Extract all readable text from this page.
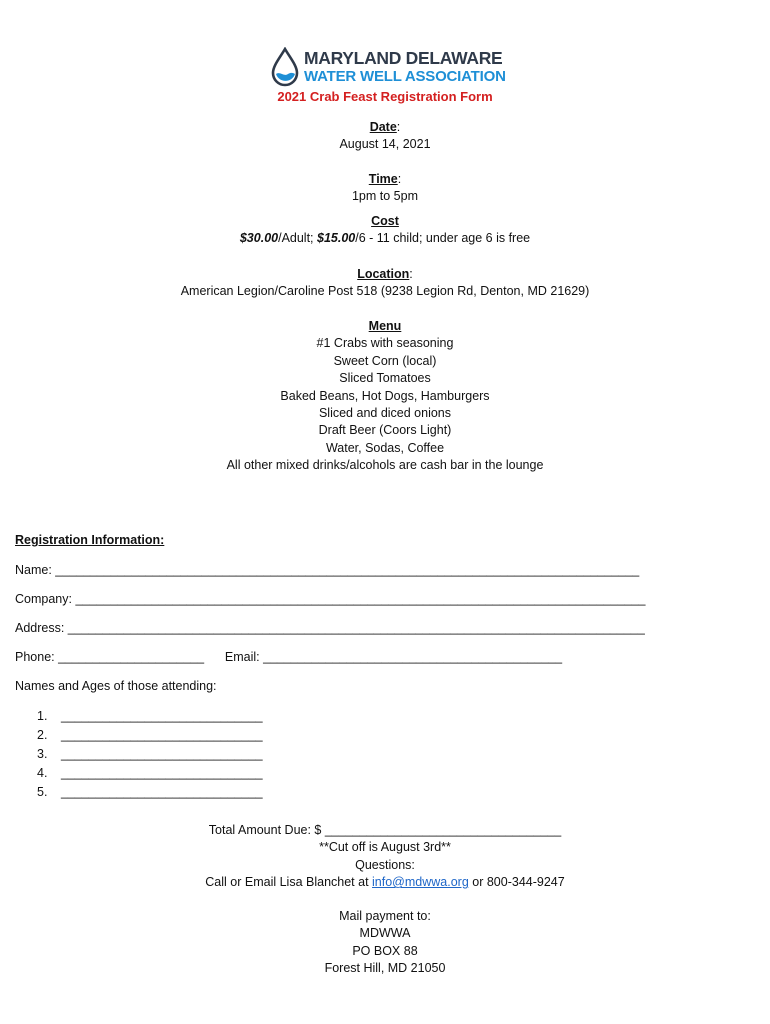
MARYLAND DELAWARE
WATER WELL ASSOCIATION
2021 Crab Feast Registration Form
Date:
August 14, 2021
Time:
1pm to 5pm
Cost
$30.00/Adult; $15.00/6 - 11 child; under age 6 is free
Location:
American Legion/Caroline Post 518 (9238 Legion Rd, Denton, MD 21629)
Menu
#1 Crabs with seasoning
Sweet Corn (local)
Sliced Tomatoes
Baked Beans, Hot Dogs, Hamburgers
Sliced and diced onions
Draft Beer (Coors Light)
Water, Sodas, Coffee
All other mixed drinks/alcohols are cash bar in the lounge
Registration Information:
Name: ____________________________________________________________________________________
Company: __________________________________________________________________________________
Address: ___________________________________________________________________________________
Phone: _____________________      Email: ___________________________________________
Names and Ages of those attending:
1.	_____________________________
2.	_____________________________
3.	_____________________________
4.	_____________________________
5.	_____________________________
Total Amount Due: $ __________________________________
**Cut off is August 3rd**
Questions:
Call or Email Lisa Blanchet at info@mdwwa.org or 800-344-9247
Mail payment to:
MDWWA
PO BOX 88
Forest Hill, MD 21050
